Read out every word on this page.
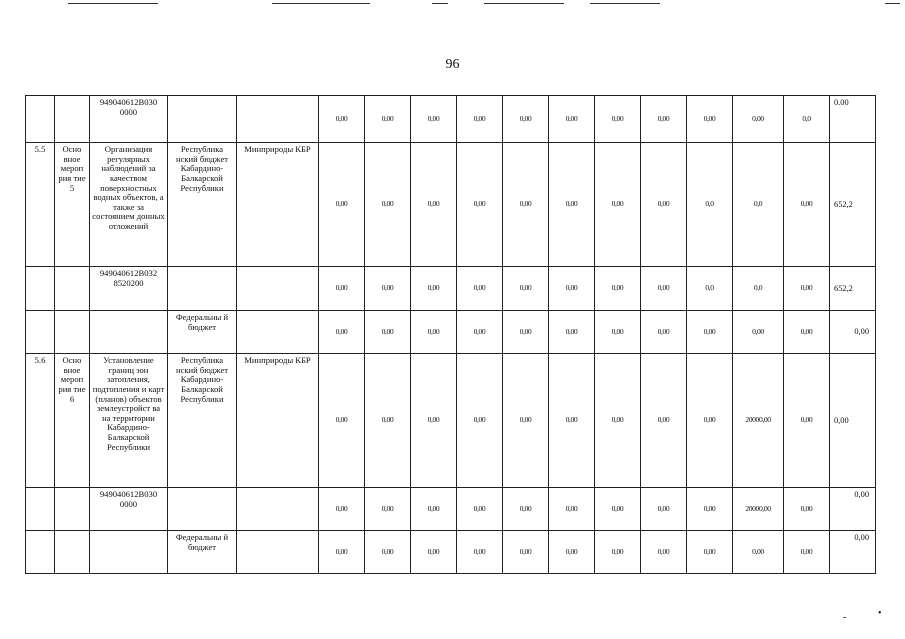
96
		949040612В030 0000			0,00	0,00	0,00	0,00	0,00	0,00	0,00	0,00	0,00	0,00	0,0	0.00
5.5	Осно вное мероп рия тие 5	Организация регулярных наблюдений за качеством поверхностных водных объектов, а также за состоянием донных отложений	Республика нский бюджет Кабардино-Балкарской Республики	Минприроды КБР	0,00	0,00	0,00	0,00	0,00	0,00	0,00	0,00	0,0	0,0	0,00	652,2
		949040612В032 8520200			0,00	0,00	0,00	0,00	0,00	0,00	0,00	0,00	0,0	0,0	0,00	652,2
			Федеральны й бюджет		0,00	0,00	0,00	0,00	0,00	0,00	0,00	0,00	0,00	0,00	0,00	0,00
5.6	Осно вное мероп рия тие 6	Установление границ зон затопления, подтопления и карт (планов) объектов землеустройст ва на территории Кабардино-Балкарской Республики	Республика нский бюджет Кабардино-Балкарской Республики	Минприроды КБР	0,00	0,00	0,00	0,00	0,00	0,00	0,00	0,00	0,00	20000,00	0,00	0,00
		949040612В030 0000			0,00	0,00	0,00	0,00	0,00	0,00	0,00	0,00	0,00	20000,00	0,00	0,00
			Федеральны й бюджет		0,00	0,00	0,00	0,00	0,00	0,00	0,00	0,00	0,00	0,00	0,00	0,00
-	•
